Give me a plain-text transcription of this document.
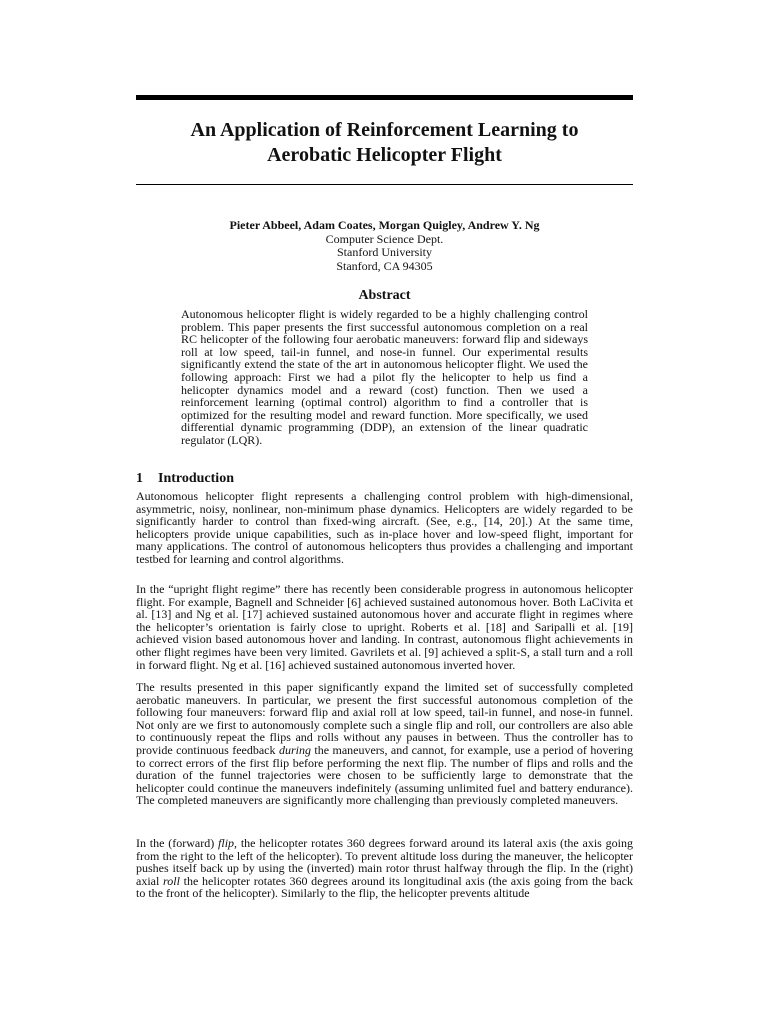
An Application of Reinforcement Learning to
Aerobatic Helicopter Flight
Pieter Abbeel, Adam Coates, Morgan Quigley, Andrew Y. Ng
Computer Science Dept.
Stanford University
Stanford, CA 94305
Abstract

Autonomous helicopter flight is widely regarded to be a highly challenging control problem. This paper presents the first successful autonomous completion on a real RC helicopter of the following four aerobatic maneuvers: forward flip and sideways roll at low speed, tail-in funnel, and nose-in funnel. Our experimental results significantly extend the state of the art in autonomous helicopter flight. We used the following approach: First we had a pilot fly the helicopter to help us find a helicopter dynamics model and a reward (cost) function. Then we used a reinforcement learning (optimal control) algorithm to find a controller that is optimized for the resulting model and reward function. More specifically, we used differential dynamic programming (DDP), an extension of the linear quadratic regulator (LQR).

1 Introduction

Autonomous helicopter flight represents a challenging control problem with high-dimensional, asymmetric, noisy, nonlinear, non-minimum phase dynamics. Helicopters are widely regarded to be significantly harder to control than fixed-wing aircraft. (See, e.g., [14, 20].) At the same time, helicopters provide unique capabilities, such as in-place hover and low-speed flight, important for many applications. The control of autonomous helicopters thus provides a challenging and important testbed for learning and control algorithms.

In the “upright flight regime” there has recently been considerable progress in autonomous helicopter flight. For example, Bagnell and Schneider [6] achieved sustained autonomous hover. Both LaCivita et al. [13] and Ng et al. [17] achieved sustained autonomous hover and accurate flight in regimes where the helicopter’s orientation is fairly close to upright. Roberts et al. [18] and Saripalli et al. [19] achieved vision based autonomous hover and landing. In contrast, autonomous flight achievements in other flight regimes have been very limited. Gavrilets et al. [9] achieved a split-S, a stall turn and a roll in forward flight. Ng et al. [16] achieved sustained autonomous inverted hover.

The results presented in this paper significantly expand the limited set of successfully completed aerobatic maneuvers. In particular, we present the first successful autonomous completion of the following four maneuvers: forward flip and axial roll at low speed, tail-in funnel, and nose-in funnel. Not only are we first to autonomously complete such a single flip and roll, our controllers are also able to continuously repeat the flips and rolls without any pauses in between. Thus the controller has to provide continuous feedback during the maneuvers, and cannot, for example, use a period of hovering to correct errors of the first flip before performing the next flip. The number of flips and rolls and the duration of the funnel trajectories were chosen to be sufficiently large to demonstrate that the helicopter could continue the maneuvers indefinitely (assuming unlimited fuel and battery endurance). The completed maneuvers are significantly more challenging than previously completed maneuvers.

In the (forward) flip, the helicopter rotates 360 degrees forward around its lateral axis (the axis going from the right to the left of the helicopter). To prevent altitude loss during the maneuver, the helicopter pushes itself back up by using the (inverted) main rotor thrust halfway through the flip. In the (right) axial roll the helicopter rotates 360 degrees around its longitudinal axis (the axis going from the back to the front of the helicopter). Similarly to the flip, the helicopter prevents altitude
